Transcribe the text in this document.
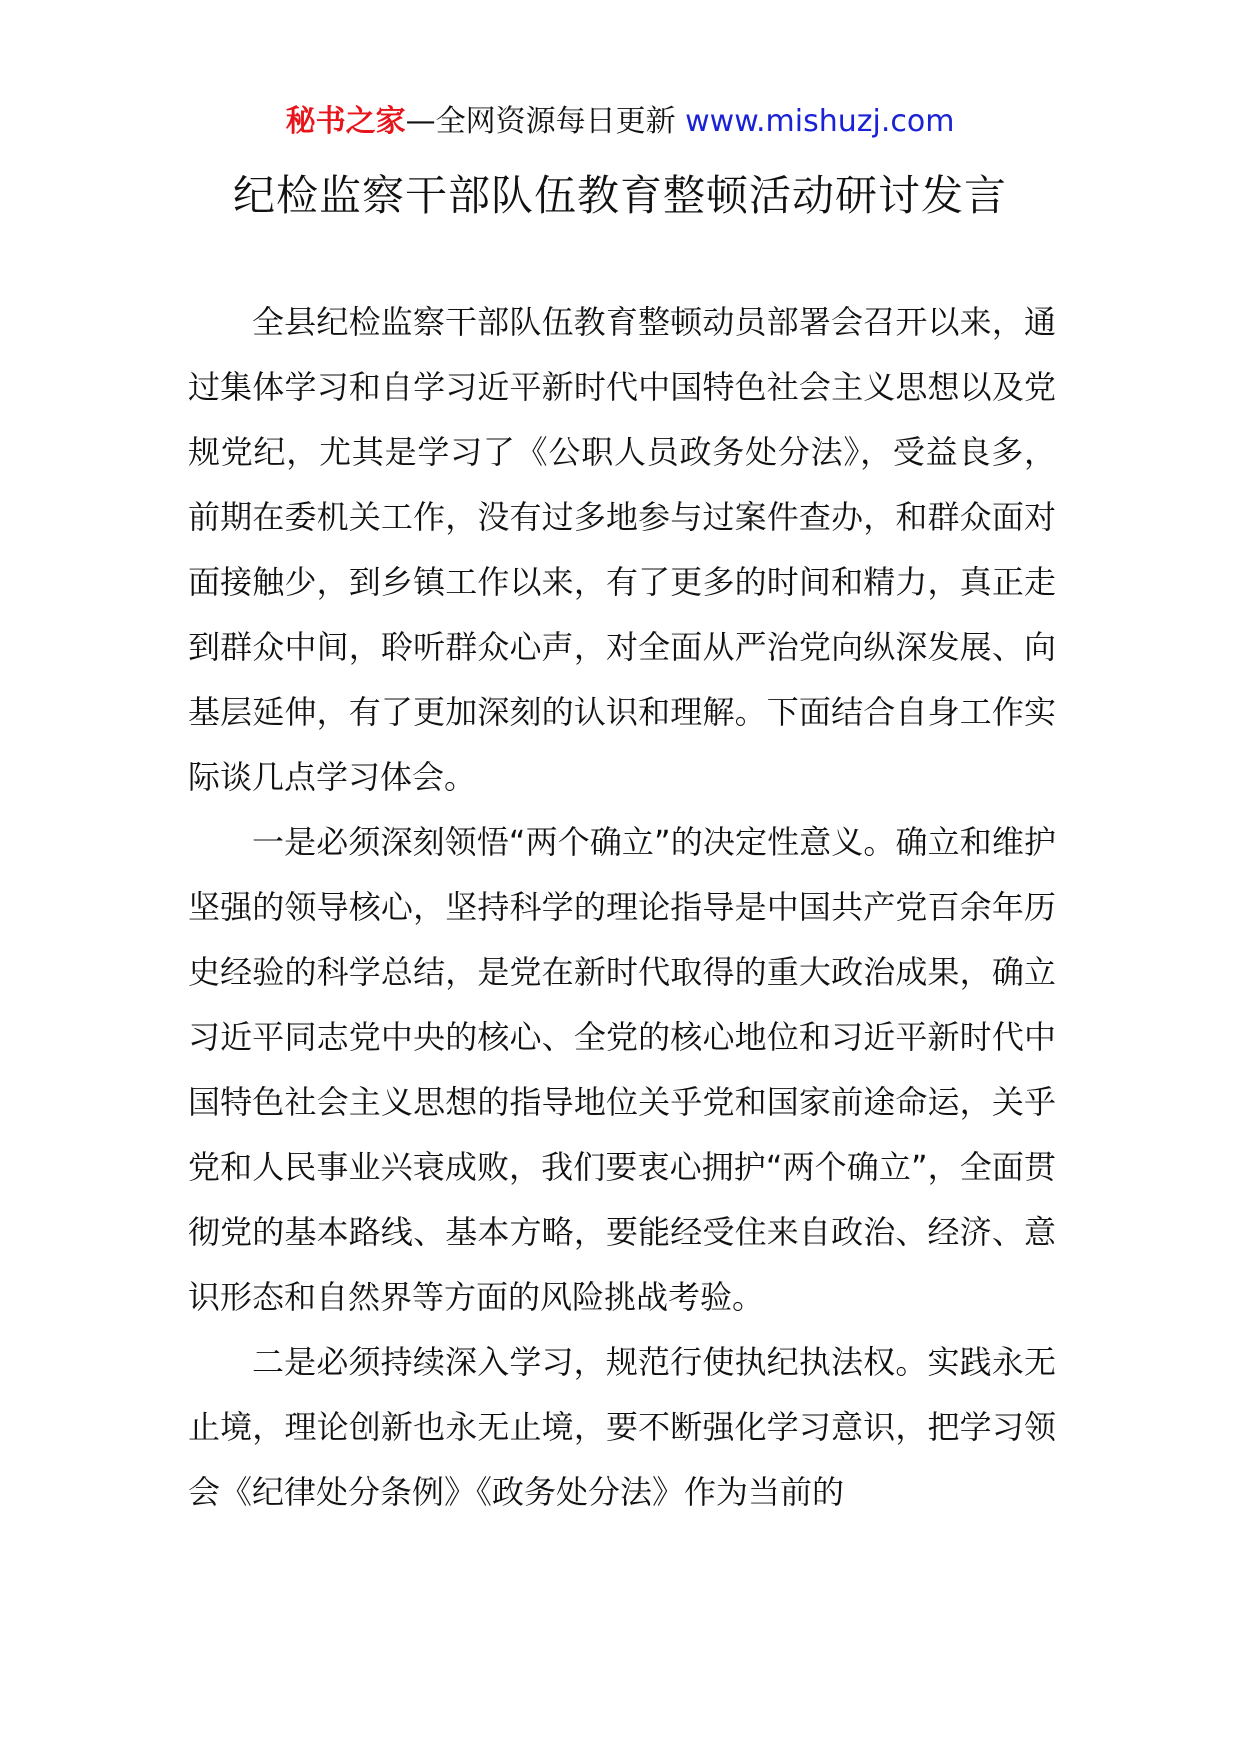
秘书之家—全网资源每日更新 www.mishuzj.com
纪检监察干部队伍教育整顿活动研讨发言

全县纪检监察干部队伍教育整顿动员部署会召开以来，通过集体学习和自学习近平新时代中国特色社会主义思想以及党规党纪，尤其是学习了《公职人员政务处分法》，受益良多，前期在委机关工作，没有过多地参与过案件查办，和群众面对面接触少，到乡镇工作以来，有了更多的时间和精力，真正走到群众中间，聆听群众心声，对全面从严治党向纵深发展、向基层延伸，有了更加深刻的认识和理解。下面结合自身工作实际谈几点学习体会。

一是必须深刻领悟“两个确立”的决定性意义。确立和维护坚强的领导核心，坚持科学的理论指导是中国共产党百余年历史经验的科学总结，是党在新时代取得的重大政治成果，确立习近平同志党中央的核心、全党的核心地位和习近平新时代中国特色社会主义思想的指导地位关乎党和国家前途命运，关乎党和人民事业兴衰成败，我们要衷心拥护“两个确立”，全面贯彻党的基本路线、基本方略，要能经受住来自政治、经济、意识形态和自然界等方面的风险挑战考验。

二是必须持续深入学习，规范行使执纪执法权。实践永无止境，理论创新也永无止境，要不断强化学习意识，把学习领会《纪律处分条例》《政务处分法》作为当前的
